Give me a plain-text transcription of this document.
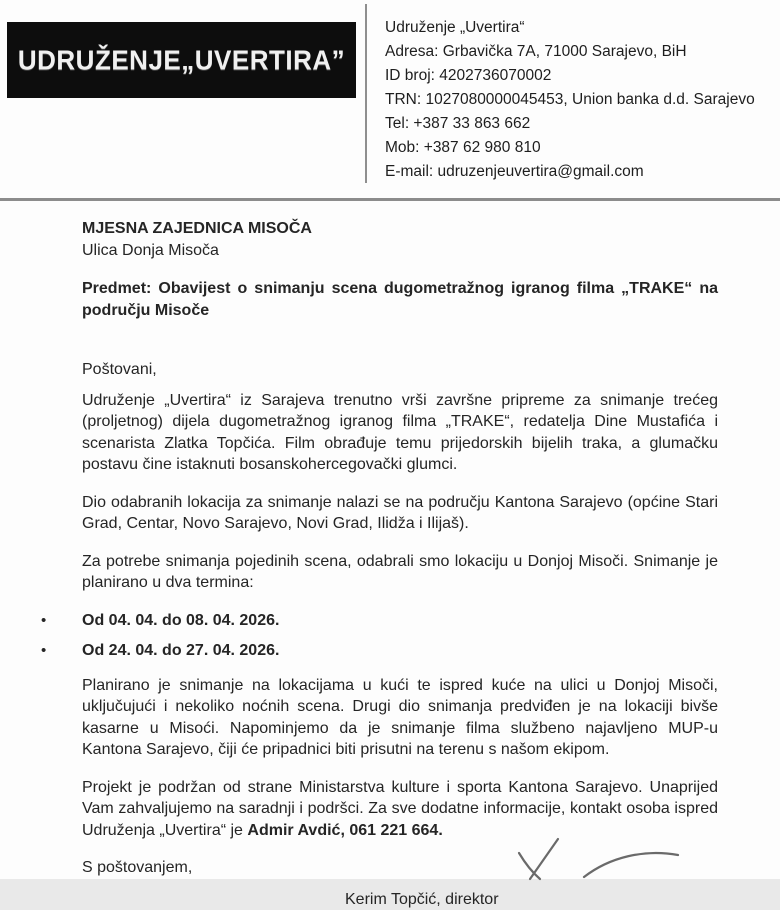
UDRUŽENJE„UVERTIRA”
Udruženje „Uvertira“
Adresa: Grbavička 7A, 71000 Sarajevo, BiH
ID broj: 4202736070002
TRN: 1027080000045453, Union banka d.d. Sarajevo
Tel: +387 33 863 662
Mob: +387 62 980 810
E-mail: udruzenjeuvertira@gmail.com
MJESNA ZAJEDNICA MISOČA
Ulica Donja Misoča
Predmet: Obavijest o snimanju scena dugometražnog igranog filma „TRAKE“ na području Misoče
Poštovani,

Udruženje „Uvertira“ iz Sarajeva trenutno vrši završne pripreme za snimanje trećeg (proljetnog) dijela dugometražnog igranog filma „TRAKE“, redatelja Dine Mustafića i scenarista Zlatka Topčića. Film obrađuje temu prijedorskih bijelih traka, a glumačku postavu čine istaknuti bosanskohercegovački glumci.

Dio odabranih lokacija za snimanje nalazi se na području Kantona Sarajevo (općine Stari Grad, Centar, Novo Sarajevo, Novi Grad, Ilidža i Ilijaš).

Za potrebe snimanja pojedinih scena, odabrali smo lokaciju u Donjoj Misoči. Snimanje je planirano u dva termina:

• Od 04. 04. do 08. 04. 2026.
• Od 24. 04. do 27. 04. 2026.

Planirano je snimanje na lokacijama u kući te ispred kuće na ulici u Donjoj Misoči, uključujući i nekoliko noćnih scena. Drugi dio snimanja predviđen je na lokaciji bivše kasarne u Misoći. Napominjemo da je snimanje filma službeno najavljeno MUP-u Kantona Sarajevo, čiji će pripadnici biti prisutni na terenu s našom ekipom.

Projekt je podržan od strane Ministarstva kulture i sporta Kantona Sarajevo. Unaprijed Vam zahvaljujemo na saradnji i podršci. Za sve dodatne informacije, kontakt osoba ispred Udruženja „Uvertira“ je Admir Avdić, 061 221 664.

S poštovanjem,
Kerim Topčić, direktor
